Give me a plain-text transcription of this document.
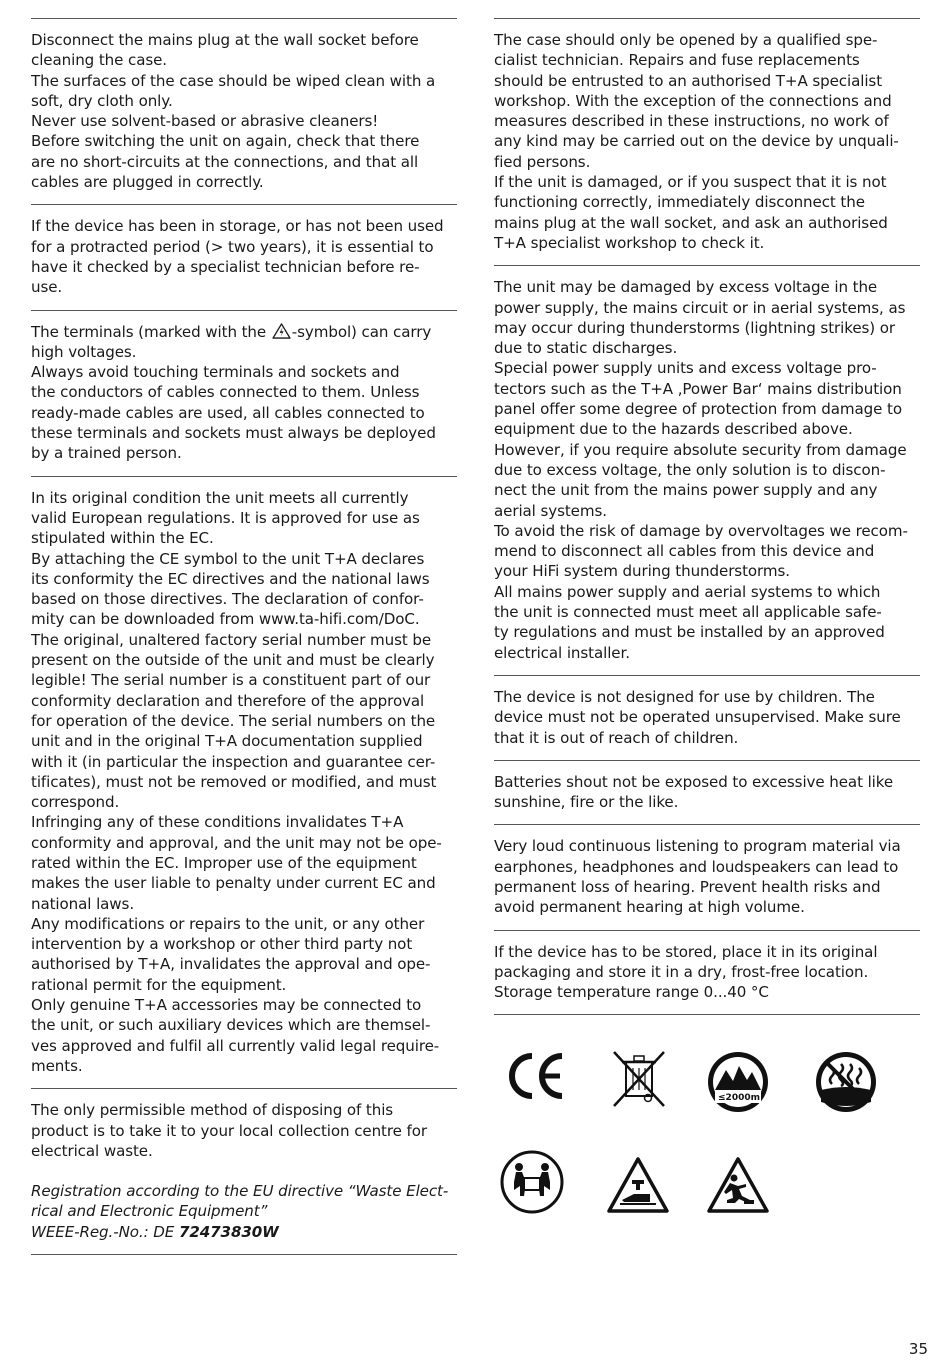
Disconnect the mains plug at the wall socket before
cleaning the case.
The surfaces of the case should be wiped clean with a
soft, dry cloth only.
Never use solvent-based or abrasive cleaners!
Before switching the unit on again, check that there
are no short-circuits at the connections, and that all
cables are plugged in correctly.

If the device has been in storage, or has not been used
for a protracted period (> two years), it is essential to
have it checked by a specialist technician before re-
use.

The terminals (marked with the -symbol) can carry
high voltages.
Always avoid touching terminals and sockets and
the conductors of cables connected to them. Unless
ready-made cables are used, all cables connected to
these terminals and sockets must always be deployed
by a trained person.

In its original condition the unit meets all currently
valid European regulations. It is approved for use as
stipulated within the EC.
By attaching the CE symbol to the unit T+A declares
its conformity the EC directives and the national laws
based on those directives. The declaration of confor-
mity can be downloaded from www.ta-hifi.com/DoC.
The original, unaltered factory serial number must be
present on the outside of the unit and must be clearly
legible! The serial number is a constituent part of our
conformity declaration and therefore of the approval
for operation of the device. The serial numbers on the
unit and in the original T+A documentation supplied
with it (in particular the inspection and guarantee cer-
tificates), must not be removed or modified, and must
correspond.
Infringing any of these conditions invalidates T+A
conformity and approval, and the unit may not be ope-
rated within the EC. Improper use of the equipment
makes the user liable to penalty under current EC and
national laws.
Any modifications or repairs to the unit, or any other
intervention by a workshop or other third party not
authorised by T+A, invalidates the approval and ope-
rational permit for the equipment.
Only genuine T+A accessories may be connected to
the unit, or such auxiliary devices which are themsel-
ves approved and fulfil all currently valid legal require-
ments.

The only permissible method of disposing of this
product is to take it to your local collection centre for
electrical waste.

Registration according to the EU directive “Waste Elect-
rical and Electronic Equipment”
WEEE-Reg.-No.: DE 72473830W

The case should only be opened by a qualified spe-
cialist technician. Repairs and fuse replacements
should be entrusted to an authorised T+A specialist
workshop. With the exception of the connections and
measures described in these instructions, no work of
any kind may be carried out on the device by unquali-
fied persons.
If the unit is damaged, or if you suspect that it is not
functioning correctly, immediately disconnect the
mains plug at the wall socket, and ask an authorised
T+A specialist workshop to check it.

The unit may be damaged by excess voltage in the
power supply, the mains circuit or in aerial systems, as
may occur during thunderstorms (lightning strikes) or
due to static discharges.
Special power supply units and excess voltage pro-
tectors such as the T+A ‚Power Bar‘ mains distribution
panel offer some degree of protection from damage to
equipment due to the hazards described above.
However, if you require absolute security from damage
due to excess voltage, the only solution is to discon-
nect the unit from the mains power supply and any
aerial systems.
To avoid the risk of damage by overvoltages we recom-
mend to disconnect all cables from this device and
your HiFi system during thunderstorms.
All mains power supply and aerial systems to which
the unit is connected must meet all applicable safe-
ty regulations and must be installed by an approved
electrical installer.

The device is not designed for use by children. The
device must not be operated unsupervised. Make sure
that it is out of reach of children.

Batteries shout not be exposed to excessive heat like
sunshine, fire or the like.

Very loud continuous listening to program material via
earphones, headphones and loudspeakers can lead to
permanent loss of hearing. Prevent health risks and
avoid permanent hearing at high volume.

If the device has to be stored, place it in its original
packaging and store it in a dry, frost-free location.
Storage temperature range 0...40 °C

≤2000m
35
